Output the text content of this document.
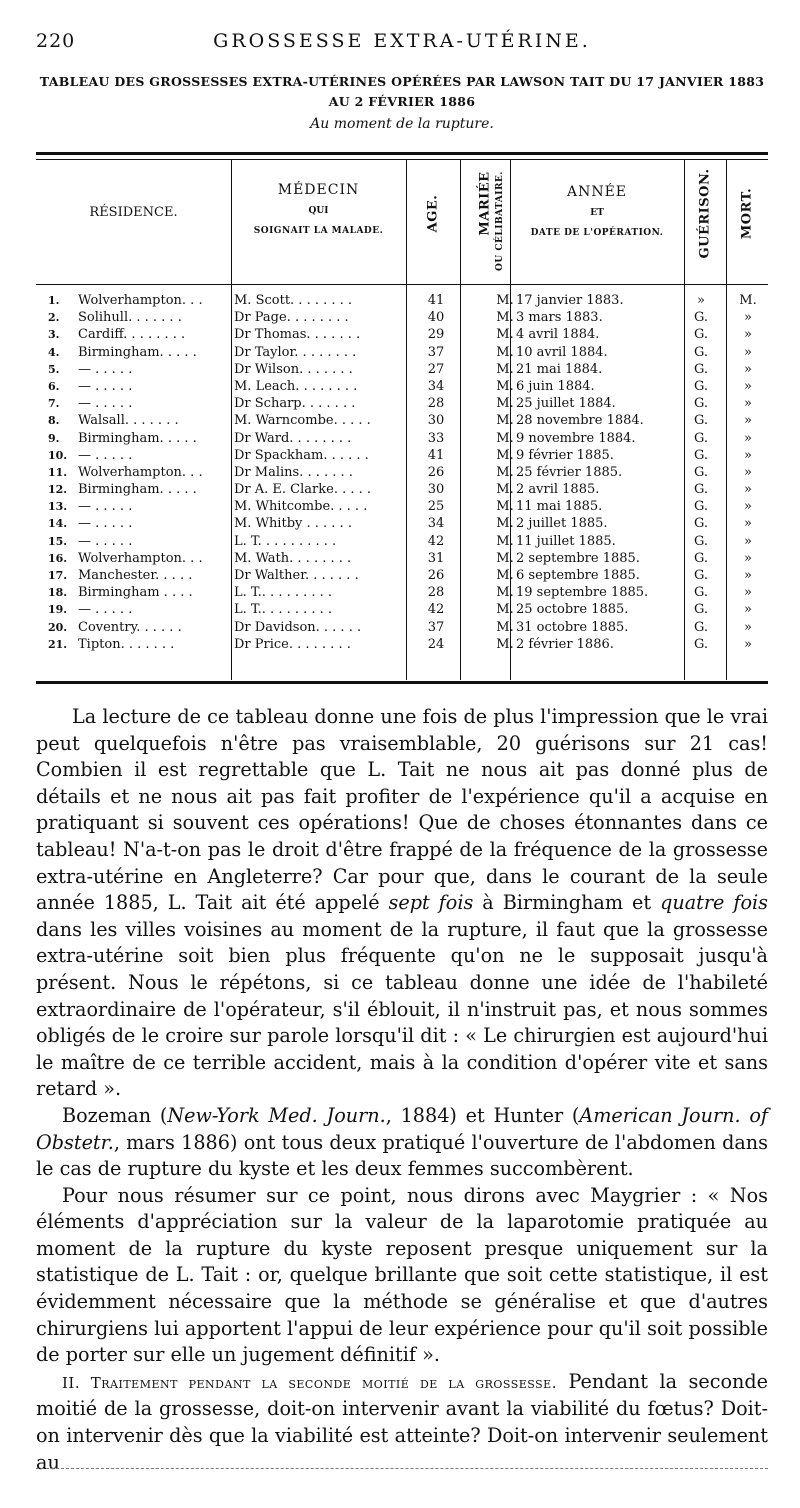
220	GROSSESSE EXTRA-UTÉRINE.
TABLEAU DES GROSSESSES EXTRA-UTÉRINES OPÉRÉES PAR LAWSON TAIT DU 17 JANVIER 1883
AU 2 FÉVRIER 1886
Au moment de la rupture.
RÉSIDENCE.
MÉDECIN
QUI
SOIGNAIT LA MALADE.	AGE.	MARIÉE OU CÉLIBATAIRE.	ANNÉE
ET
DATE DE L'OPÉRATION.	GUÉRISON. MORT.
1.	Wolverhampton. . .	M. Scott. . . . . . . .	41	M. 17 janvier 1883.	»	M.
2.	Solihull. . . . . . .	Dr Page. . . . . . . .	40	M. 3 mars 1883.	G.	»
3.	Cardiff. . . . . . . .	Dr Thomas. . . . . . .	29	M. 4 avril 1884.	G.	»
4.	Birmingham. . . . .	Dr Taylor. . . . . . . .	37	M. 10 avril 1884.	G.	»
5.	— . . . . .	Dr Wilson. . . . . . .	27	M. 21 mai 1884.	G.	»
6.	— . . . . .	M. Leach. . . . . . . .	34	M. 6 juin 1884.	G.	»
7.	— . . . . .	Dr Scharp. . . . . . .	28	M. 25 juillet 1884.	G.	»
8.	Walsall. . . . . . .	M. Warncombe. . . . .	30	M. 28 novembre 1884.	G.	»
9.	Birmingham. . . . .	Dr Ward. . . . . . . .	33	M. 9 novembre 1884.	G.	»
10. — . . . . .	Dr Spackham. . . . . .	41	M. 9 février 1885.	G.	»
11. Wolverhampton. . .	Dr Malins. . . . . . .	26	M. 25 février 1885.	G.	»
12. Birmingham. . . . .	Dr A. E. Clarke. . . . .	30	M. 2 avril 1885.	G.	»
13. — . . . . .	M. Whitcombe. . . . .	25	M. 11 mai 1885.	G.	»
14. — . . . . .	M. Whitby . . . . . .	34	M. 2 juillet 1885.	G.	»
15. — . . . . .	L. T. . . . . . . . . .	42	M. 11 juillet 1885.	G.	»
16. Wolverhampton. . .	M. Wath. . . . . . . .	31	M. 2 septembre 1885.	G.	»
17. Manchester. . . . .	Dr Walther. . . . . . .	26	M. 6 septembre 1885.	G.	»
18. Birmingham . . . .	L. T.. . . . . . . . .	28	M. 19 septembre 1885.	G.	»
19. — . . . . .	L. T.. . . . . . . . .	42	M. 25 octobre 1885.	G.	»
20. Coventry. . . . . .	Dr Davidson. . . . . .	37	M. 31 octobre 1885.	G.	»
21. Tipton. . . . . . .	Dr Price. . . . . . . .	24	M. 2 février 1886.	G.	»

La lecture de ce tableau donne une fois de plus l'impression que le vrai peut quelquefois n'être pas vraisemblable, 20 guérisons sur 21 cas! Combien il est regrettable que L. Tait ne nous ait pas donné plus de détails et ne nous ait pas fait profiter de l'expérience qu'il a acquise en pratiquant si souvent ces opérations! Que de choses étonnantes dans ce tableau! N'a-t-on pas le droit d'être frappé de la fréquence de la grossesse extra-utérine en Angleterre? Car pour que, dans le courant de la seule année 1885, L. Tait ait été appelé sept fois à Birmingham et quatre fois dans les villes voisines au moment de la rupture, il faut que la grossesse extra-utérine soit bien plus fréquente qu'on ne le supposait jusqu'à présent. Nous le répétons, si ce tableau donne une idée de l'habileté extraordinaire de l'opérateur, s'il éblouit, il n'instruit pas, et nous sommes obligés de le croire sur parole lorsqu'il dit : « Le chirurgien est aujourd'hui le maître de ce terrible accident, mais à la condition d'opérer vite et sans retard ».

Bozeman (New-York Med. Journ., 1884) et Hunter (American Journ. of Obstetr., mars 1886) ont tous deux pratiqué l'ouverture de l'abdomen dans le cas de rupture du kyste et les deux femmes succombèrent.

Pour nous résumer sur ce point, nous dirons avec Maygrier : « Nos éléments d'appréciation sur la valeur de la laparotomie pratiquée au moment de la rupture du kyste reposent presque uniquement sur la statistique de L. Tait : or, quelque brillante que soit cette statistique, il est évidemment nécessaire que la méthode se généralise et que d'autres chirurgiens lui apportent l'appui de leur expérience pour qu'il soit possible de porter sur elle un jugement définitif ».

II. Traitement pendant la seconde moitié de la grossesse. Pendant la seconde moitié de la grossesse, doit-on intervenir avant la viabilité du fœtus? Doit-on intervenir dès que la viabilité est atteinte? Doit-on intervenir seulement au
